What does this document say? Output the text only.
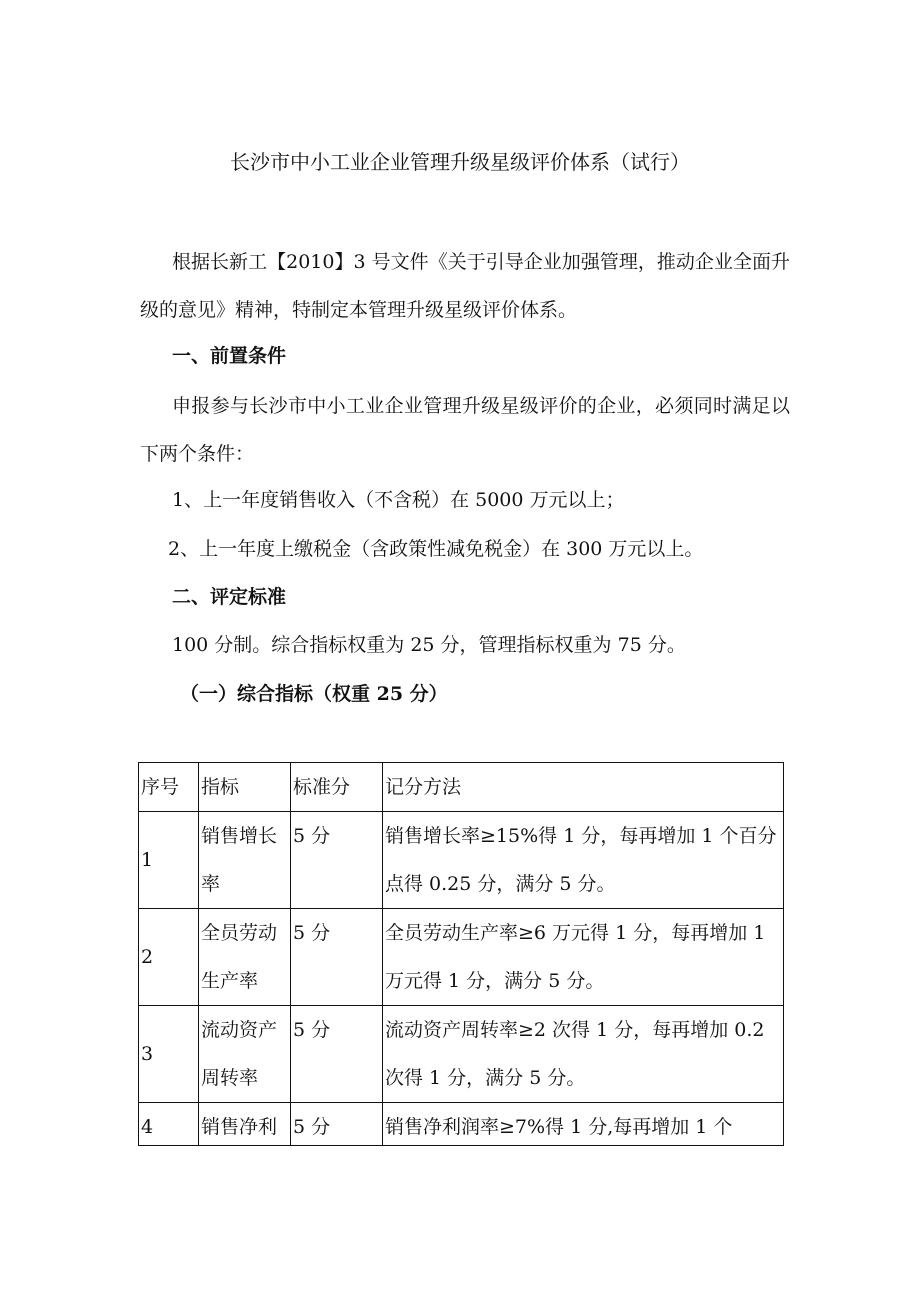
长沙市中小工业企业管理升级星级评价体系（试行）
根据长新工【2010】3 号文件《关于引导企业加强管理，推动企业全面升级的意见》精神，特制定本管理升级星级评价体系。
一、前置条件
申报参与长沙市中小工业企业管理升级星级评价的企业，必须同时满足以下两个条件：
1、上一年度销售收入（不含税）在 5000 万元以上；
2、上一年度上缴税金（含政策性减免税金）在 300 万元以上。
二、评定标准
100 分制。综合指标权重为 25 分，管理指标权重为 75 分。
（一）综合指标（权重 25 分）
序号	指标	标准分	记分方法
1	销售增长率	5 分	销售增长率≥15%得 1 分，每再增加 1 个百分点得 0.25 分，满分 5 分。
2	全员劳动生产率	5 分	全员劳动生产率≥6 万元得 1 分，每再增加 1 万元得 1 分，满分 5 分。
3	流动资产周转率	5 分	流动资产周转率≥2 次得 1 分，每再增加 0.2 次得 1 分，满分 5 分。

4	销售净利	5 分	销售净利润率≥7%得 1 分,每再增加 1 个
